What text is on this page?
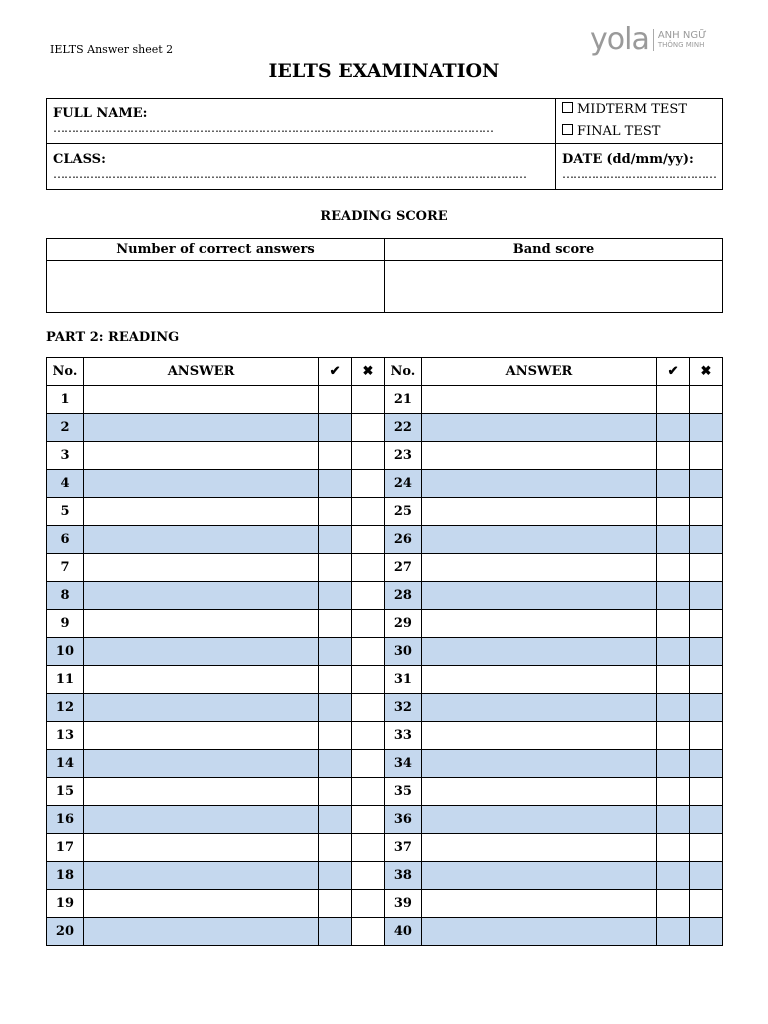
IELTS Answer sheet 2	yola ANH NGỮ
THÔNG MINH
IELTS EXAMINATION
FULL NAME: …………………………………………………………………………………………………………	MIDTERM TEST
FINAL TEST

CLASS: …………………………………………………………………………………………………………………	DATE (dd/mm/yy):
……………………………………
READING SCORE
Number of correct answers	Band score

PART 2: READING
No.	ANSWER	✔	✖	No.	ANSWER	✔	✖
1				21			
2				22			
3				23			
4				24			
5				25			
6				26			
7				27			
8				28			
9				29			
10				30			
11				31			
12				32			
13				33			
14				34			
15				35			
16				36			
17				37			
18				38			
19				39			
20				40			
